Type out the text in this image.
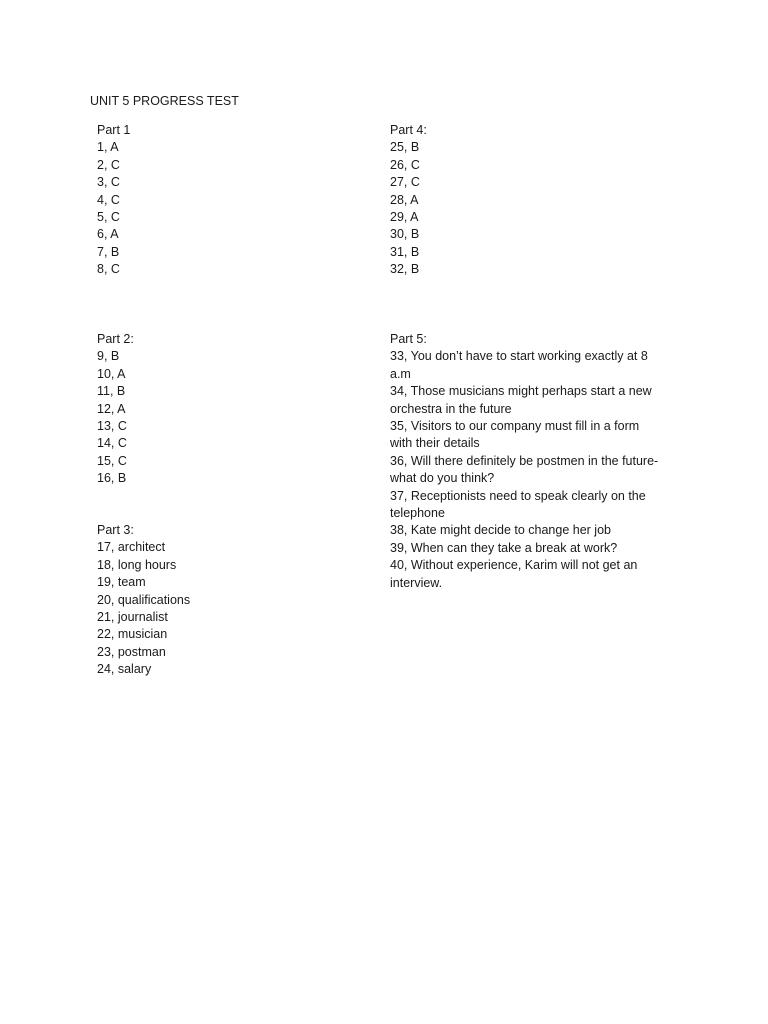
UNIT 5 PROGRESS TEST
Part 1
1, A
2, C
3, C
4, C
5, C
6, A
7, B
8, C
Part 4:
25, B
26, C
27, C
28, A
29, A
30, B
31, B
32, B
Part 2:
9, B
10, A
11, B
12, A
13, C
14, C
15, C
16, B
Part 5:
33, You don’t have to start working exactly at 8
a.m
34, Those musicians might perhaps start a new
orchestra in the future
35, Visitors to our company must fill in a form
with their details
36, Will there definitely be postmen in the future-
what do you think?
37, Receptionists need to speak clearly on the
telephone
38, Kate might decide to change her job
39, When can they take a break at work?
40, Without experience, Karim will not get an
interview.
Part 3:
17, architect
18, long hours
19, team
20, qualifications
21, journalist
22, musician
23, postman
24, salary
